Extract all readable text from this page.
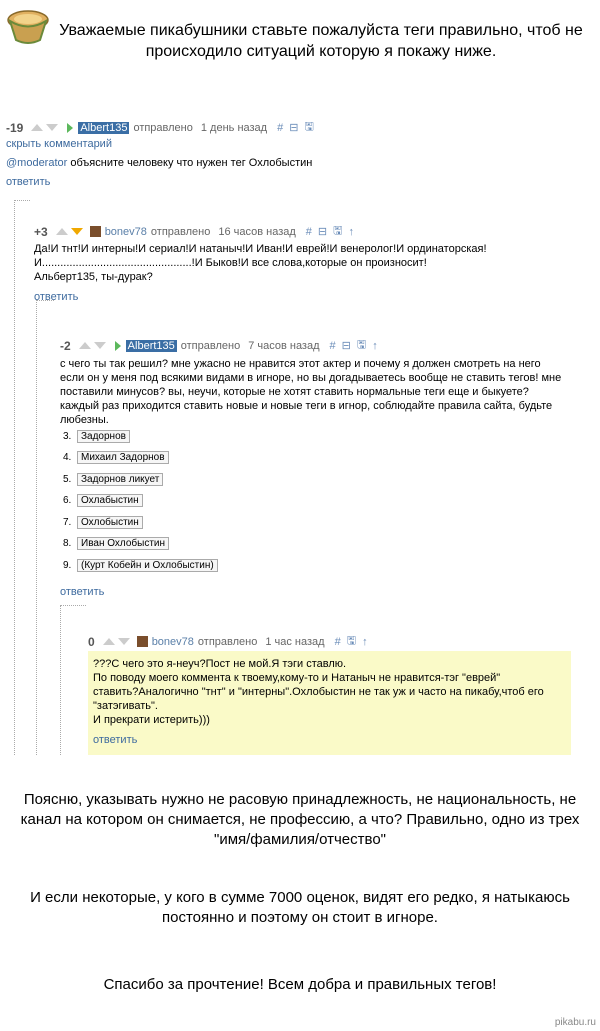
Уважаемые пикабушники ставьте пожалуйста теги правильно, чтоб не происходило ситуаций которую я покажу ниже.
-19	Albert135 отправлено 1 день назад # ⊟ 🖫
скрыть комментарий
@moderator объясните человеку что нужен тег Охлобыстин
ответить
+3	bonev78 отправлено 16 часов назад # ⊟ 🖫 ↑
Да!И тнт!И интерны!И сериал!И натаныч!И Иван!И еврей!И венеролог!И ординаторская!
И.................................................!И Быков!И все слова,которые он произносит!
Альберт135, ты-дурак?
ответить
-2	Albert135 отправлено 7 часов назад # ⊟ 🖫 ↑
с чего ты так решил? мне ужасно не нравится этот актер и почему я должен смотреть на него
если он у меня под всякими видами в игноре, но вы догадываетесь вообще не ставить тегов! мне
поставили минусов? вы, неучи, которые не хотят ставить нормальные теги еще и быкуете?
каждый раз приходится ставить новые и новые теги в игнор, соблюдайте правила сайта, будьте
любезны.
3. Задорнов
4. Михаил Задорнов
5. Задорнов ликует
6. Охлабыстин
7. Охлобыстин
8. Иван Охлобыстин
9. (Курт Кобейн и Охлобыстин)
ответить
0	bonev78 отправлено 1 час назад # 🖫 ↑
???С чего это я-неуч?Пост не мой.Я тэги ставлю.
По поводу моего коммента к твоему,кому-то и Натаныч не нравится-тэг "еврей"
ставить?Аналогично "тнт" и "интерны".Охлобыстин не так уж и часто на пикабу,чтоб его
"затэгивать".
И прекрати истерить)))
ответить
Поясню, указывать нужно не расовую принадлежность, не национальность, не канал на котором он снимается, не профессию, а что? Правильно, одно из трех "имя/фамилия/отчество"
И если некоторые, у кого в сумме 7000 оценок, видят его редко, я натыкаюсь постоянно и поэтому он стоит в игноре.
Спасибо за прочтение! Всем добра и правильных тегов!
pikabu.ru
